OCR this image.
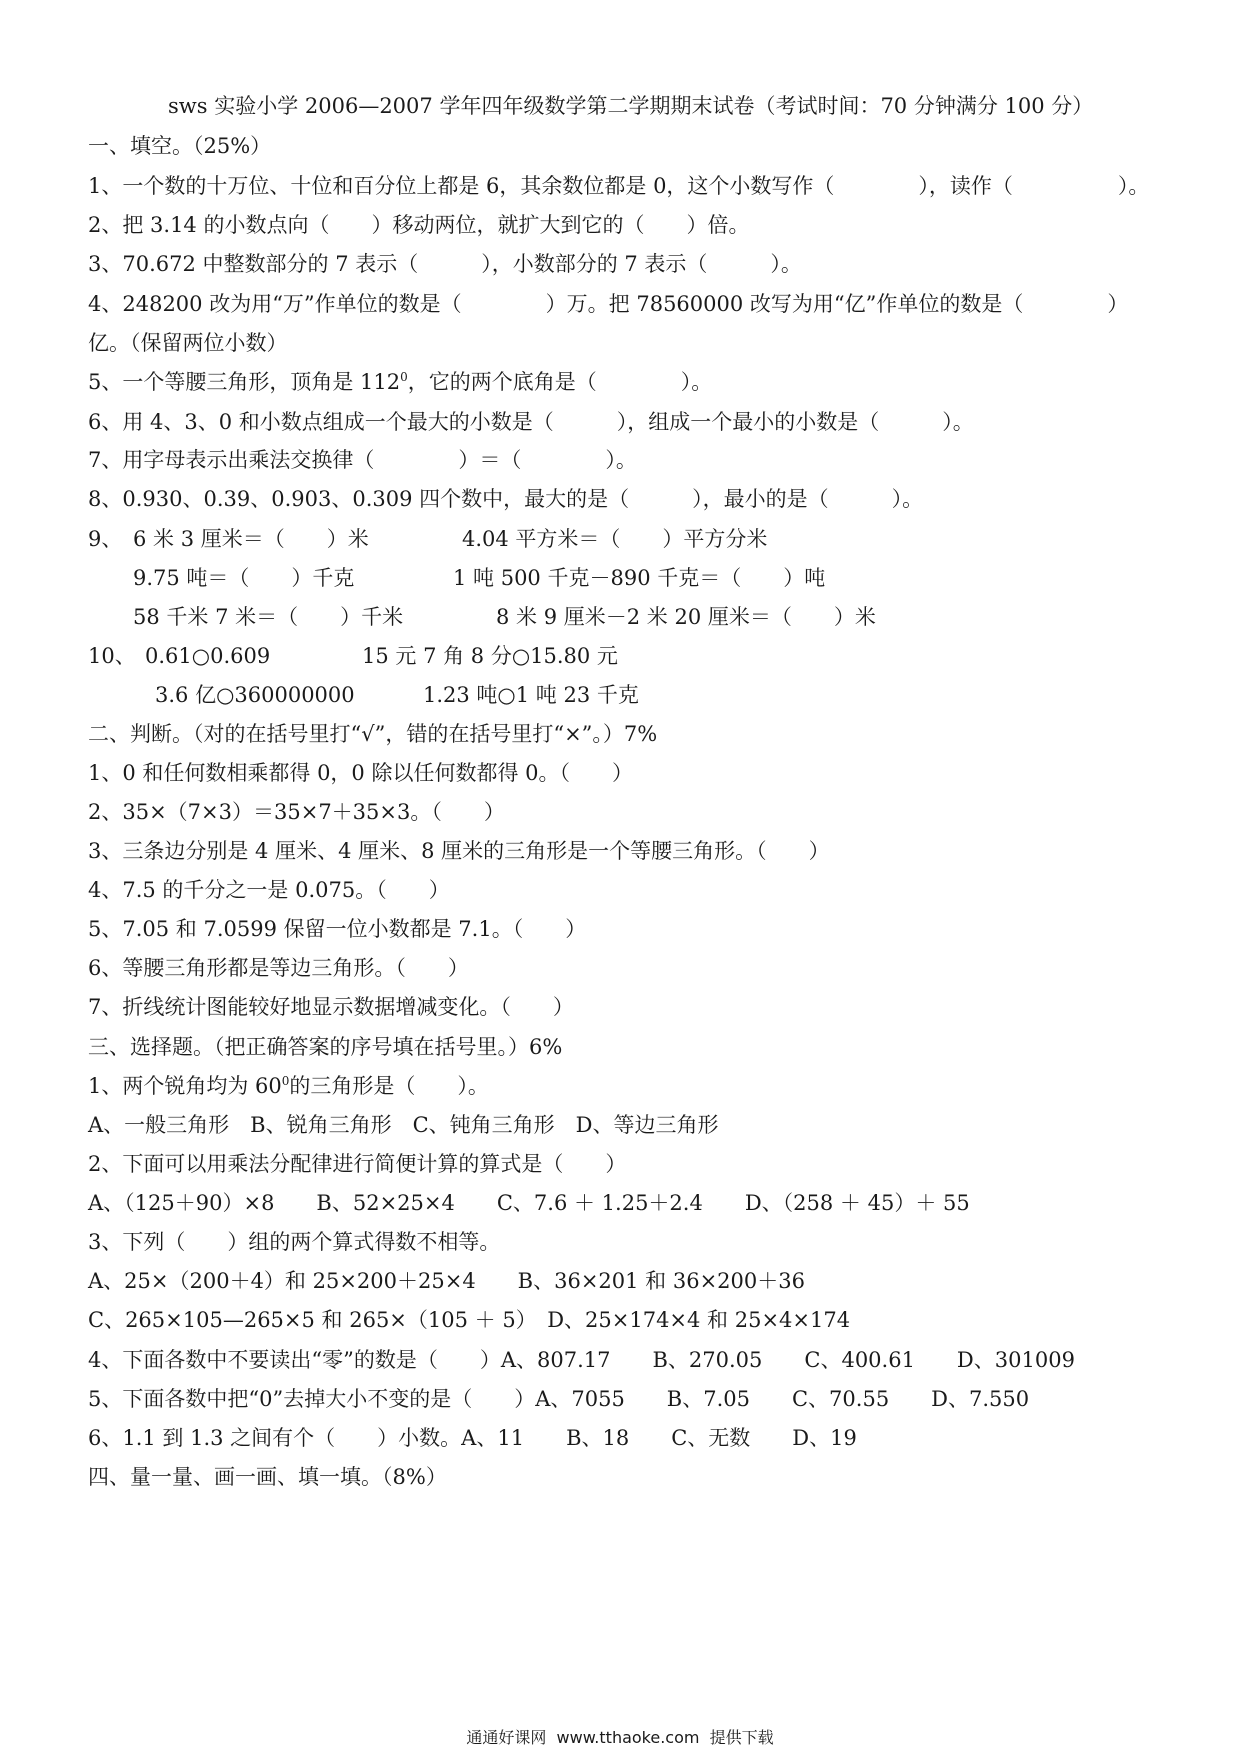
sws 实验小学 2006—2007 学年四年级数学第二学期期末试卷（考试时间：70 分钟满分 100 分）
一、填空。（25%）
1、一个数的十万位、十位和百分位上都是 6，其余数位都是 0，这个小数写作（　　　　），读作（　　　　　）。
2、把 3.14 的小数点向（　　）移动两位，就扩大到它的（　　）倍。
3、70.672 中整数部分的 7 表示（　　　），小数部分的 7 表示（　　　）。
4、248200 改为用“万”作单位的数是（　　　　）万。把 78560000 改写为用“亿”作单位的数是（　　　　）
亿。（保留两位小数）
5、一个等腰三角形，顶角是 $112^0$，它的两个底角是（　　　　）。
6、用 4、3、0 和小数点组成一个最大的小数是（　　　），组成一个最小的小数是（　　　）。
7、用字母表示出乘法交换律（　　　　）＝（　　　　）。
8、0.930、0.39、0.903、0.309 四个数中，最大的是（　　　），最小的是（　　　）。
9、 6 米 3 厘米＝（　　）米	4.04 平方米＝（　　）平方分米
9.75 吨＝（　　）千克	1 吨 500 千克－890 千克＝（　　）吨
58 千米 7 米＝（　　）千米	8 米 9 厘米－2 米 20 厘米＝（　　）米
10、 0.61○0.609	15 元 7 角 8 分○15.80 元
3.6 亿○360000000	1.23 吨○1 吨 23 千克
二、判断。（对的在括号里打“√”，错的在括号里打“×”。）7%
1、0 和任何数相乘都得 0，0 除以任何数都得 0。（　　）
2、35×（7×3）＝35×7＋35×3。（　　）
3、三条边分别是 4 厘米、4 厘米、8 厘米的三角形是一个等腰三角形。（　　）
4、7.5 的千分之一是 0.075。（　　）
5、7.05 和 7.0599 保留一位小数都是 7.1。（　　）
6、等腰三角形都是等边三角形。（　　）
7、折线统计图能较好地显示数据增减变化。（　　）
三、选择题。（把正确答案的序号填在括号里。）6%
1、两个锐角均为 $60^0$的三角形是（　　）。
A、一般三角形　B、锐角三角形　C、钝角三角形　D、等边三角形
2、下面可以用乘法分配律进行简便计算的算式是（　　）
A、（125＋90）×8　　B、52×25×4　　C、7.6 ＋ 1.25＋2.4　　D、（258 ＋ 45）＋ 55
3、下列（　　）组的两个算式得数不相等。
A、25×（200＋4）和 25×200＋25×4　　B、36×201 和 36×200＋36
C、265×105—265×5 和 265×（105 ＋ 5）　D、25×174×4 和 25×4×174
4、下面各数中不要读出“零”的数是（　　）A、807.17　　B、270.05　　C、400.61　　D、301009
5、下面各数中把“0”去掉大小不变的是（　　）A、7055　　B、7.05　　C、70.55　　D、7.550
6、1.1 到 1.3 之间有个（　　）小数。A、11　　B、18　　C、无数　　D、19
四、量一量、画一画、填一填。（8%）
通通好课网  www.tthaoke.com  提供下载
